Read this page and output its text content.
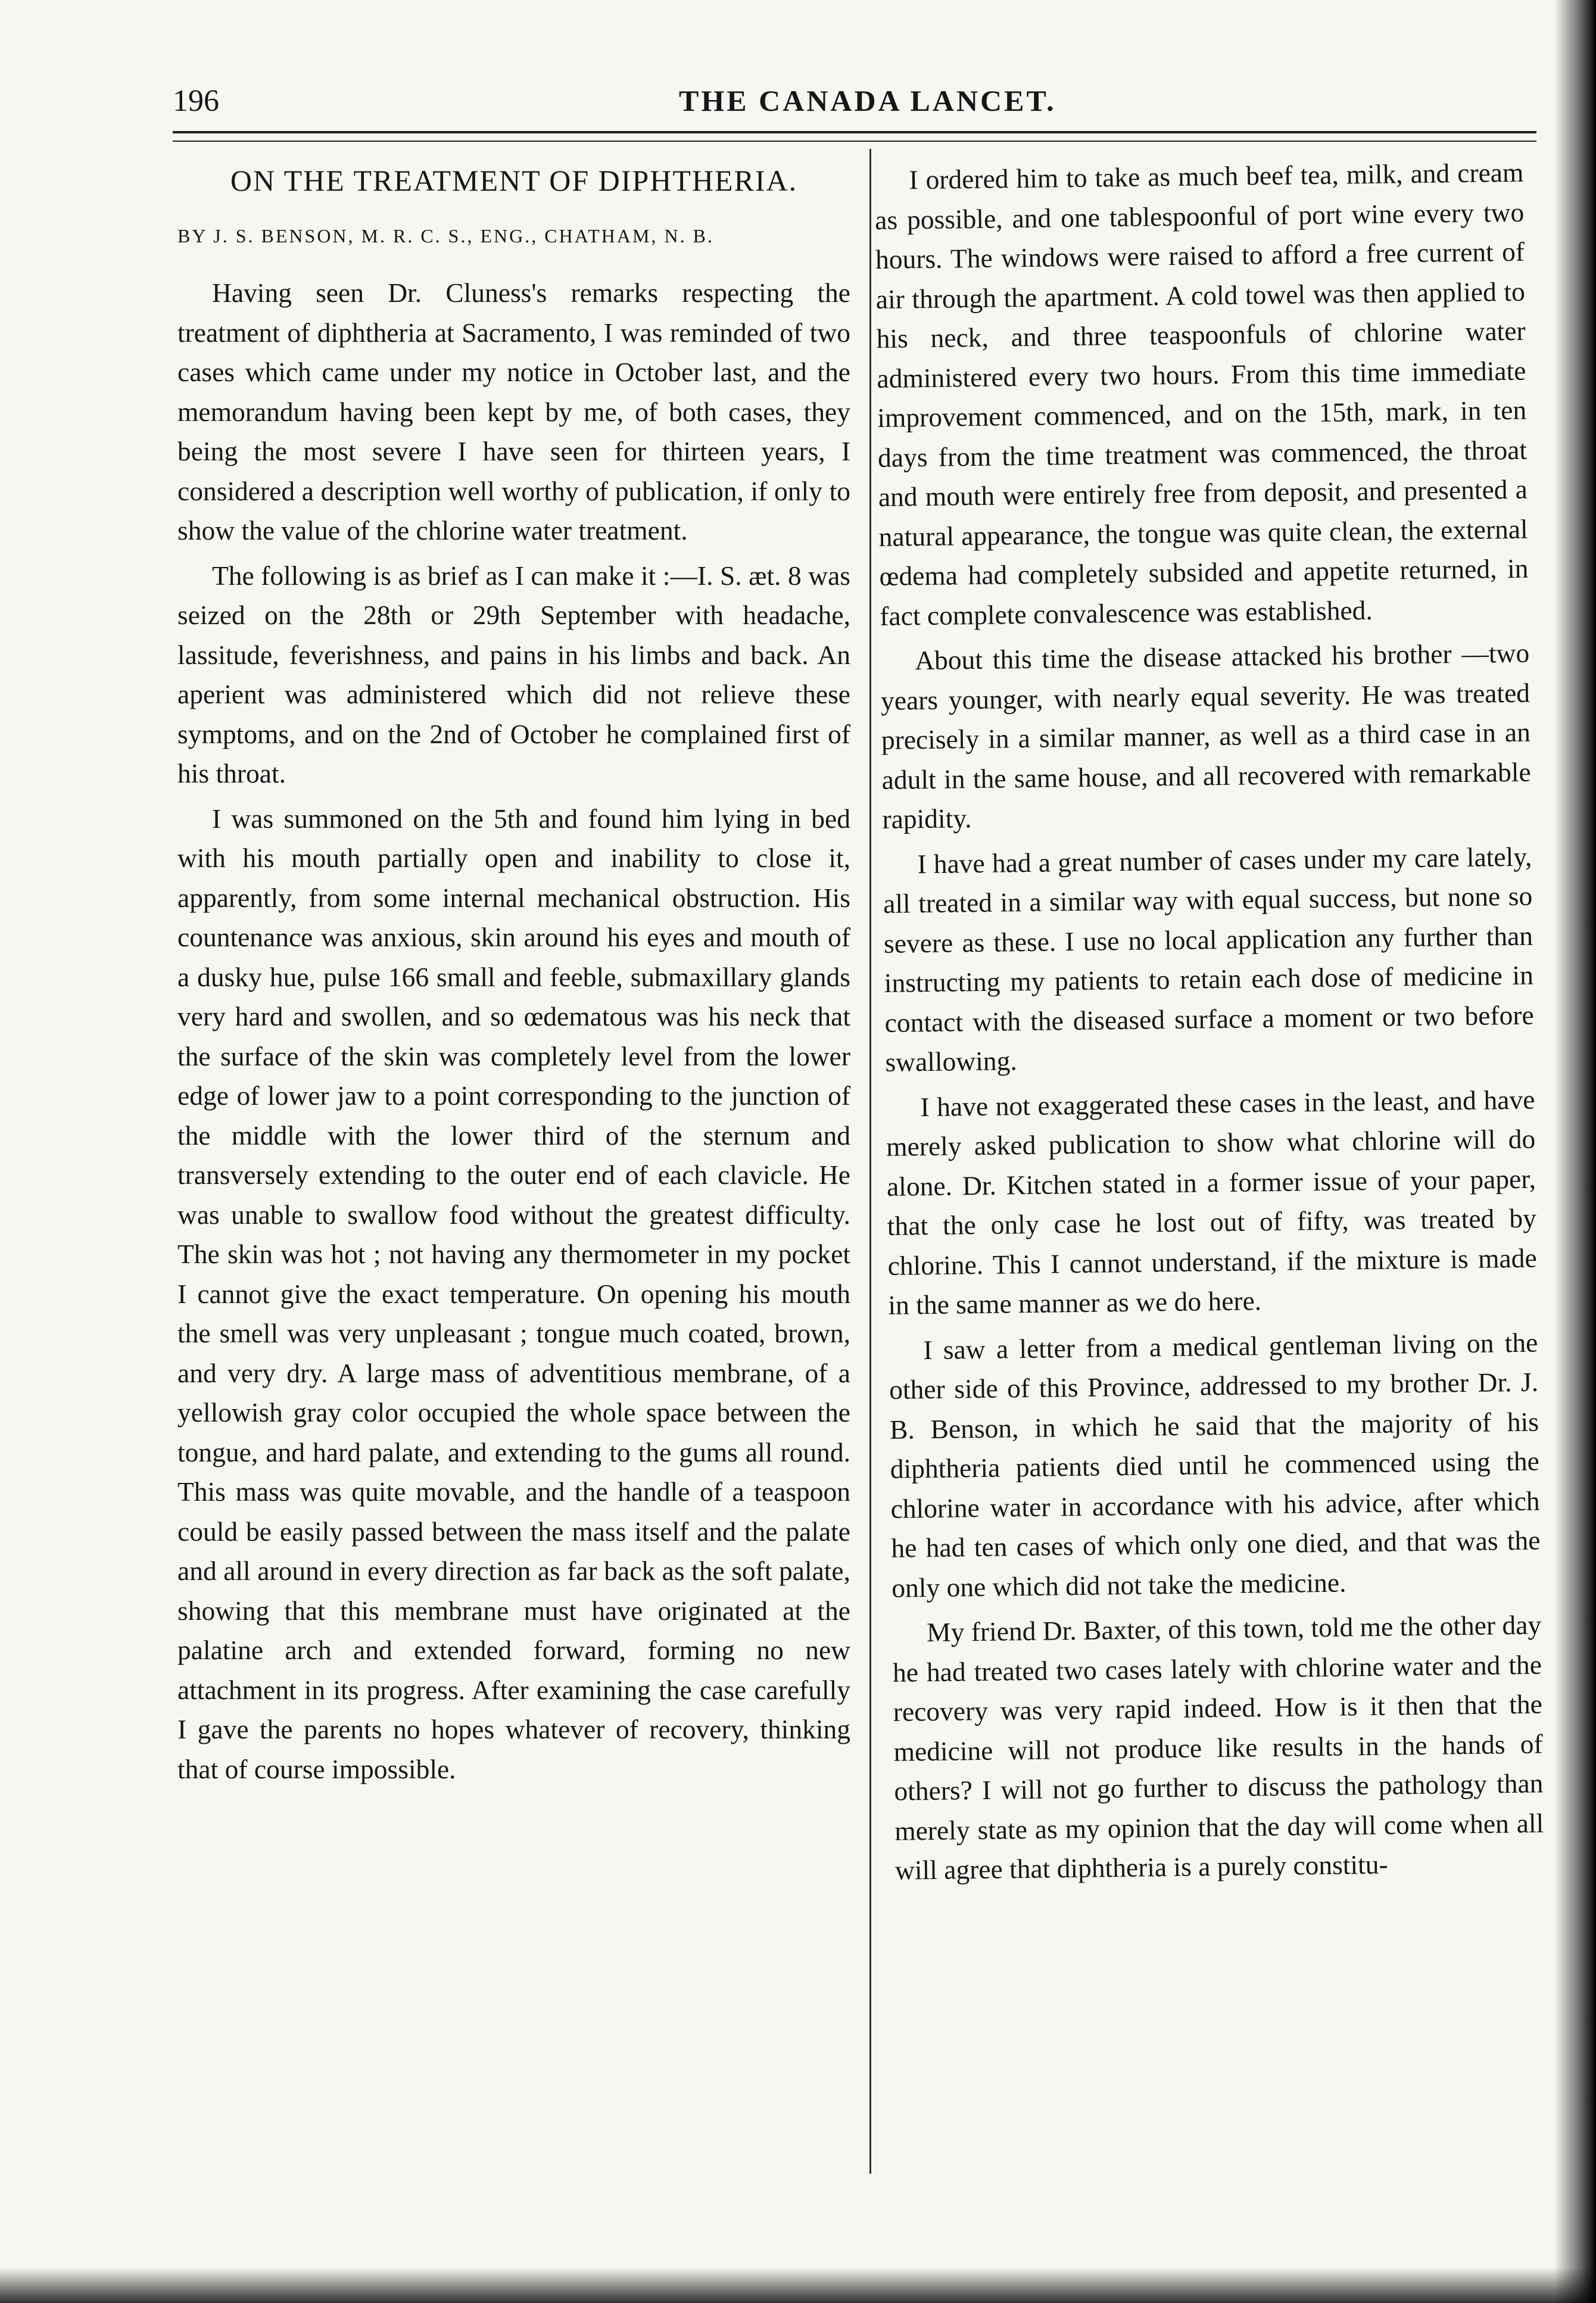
196	THE CANADA LANCET.
ON THE TREATMENT OF DIPHTHERIA.
BY J. S. BENSON, M. R. C. S., ENG., CHATHAM, N. B.

Having seen Dr. Cluness's remarks respecting the treatment of diphtheria at Sacramento, I was reminded of two cases which came under my notice in October last, and the memorandum having been kept by me, of both cases, they being the most severe I have seen for thirteen years, I considered a description well worthy of publication, if only to show the value of the chlorine water treatment.

The following is as brief as I can make it :—I. S. æt. 8 was seized on the 28th or 29th September with headache, lassitude, feverishness, and pains in his limbs and back. An aperient was administered which did not relieve these symptoms, and on the 2nd of October he complained first of his throat.

I was summoned on the 5th and found him lying in bed with his mouth partially open and inability to close it, apparently, from some internal mechanical obstruction. His countenance was anxious, skin around his eyes and mouth of a dusky hue, pulse 166 small and feeble, submaxillary glands very hard and swollen, and so œdematous was his neck that the surface of the skin was completely level from the lower edge of lower jaw to a point corresponding to the junction of the middle with the lower third of the sternum and transversely extending to the outer end of each clavicle. He was unable to swallow food without the greatest difficulty. The skin was hot ; not having any thermometer in my pocket I cannot give the exact temperature. On opening his mouth the smell was very unpleasant ; tongue much coated, brown, and very dry. A large mass of adventitious membrane, of a yellowish gray color occupied the whole space between the tongue, and hard palate, and extending to the gums all round. This mass was quite movable, and the handle of a teaspoon could be easily passed between the mass itself and the palate and all around in every direction as far back as the soft palate, showing that this membrane must have originated at the palatine arch and extended forward, forming no new attachment in its progress. After examining the case carefully I gave the parents no hopes whatever of recovery, thinking that of course impossible.

I ordered him to take as much beef tea, milk, and cream as possible, and one tablespoonful of port wine every two hours. The windows were raised to afford a free current of air through the apartment. A cold towel was then applied to his neck, and three teaspoonfuls of chlorine water administered every two hours. From this time immediate improvement commenced, and on the 15th, mark, in ten days from the time treatment was commenced, the throat and mouth were entirely free from deposit, and presented a natural appearance, the tongue was quite clean, the external œdema had completely subsided and appetite returned, in fact complete convalescence was established.

About this time the disease attacked his brother —two years younger, with nearly equal severity. He was treated precisely in a similar manner, as well as a third case in an adult in the same house, and all recovered with remarkable rapidity.

I have had a great number of cases under my care lately, all treated in a similar way with equal success, but none so severe as these. I use no local application any further than instructing my patients to retain each dose of medicine in contact with the diseased surface a moment or two before swallowing.

I have not exaggerated these cases in the least, and have merely asked publication to show what chlorine will do alone. Dr. Kitchen stated in a former issue of your paper, that the only case he lost out of fifty, was treated by chlorine. This I cannot understand, if the mixture is made in the same manner as we do here.

I saw a letter from a medical gentleman living on the other side of this Province, addressed to my brother Dr. J. B. Benson, in which he said that the majority of his diphtheria patients died until he commenced using the chlorine water in accordance with his advice, after which he had ten cases of which only one died, and that was the only one which did not take the medicine.

My friend Dr. Baxter, of this town, told me the other day he had treated two cases lately with chlorine water and the recovery was very rapid indeed. How is it then that the medicine will not produce like results in the hands of others? I will not go further to discuss the pathology than merely state as my opinion that the day will come when all will agree that diphtheria is a purely constitu-
